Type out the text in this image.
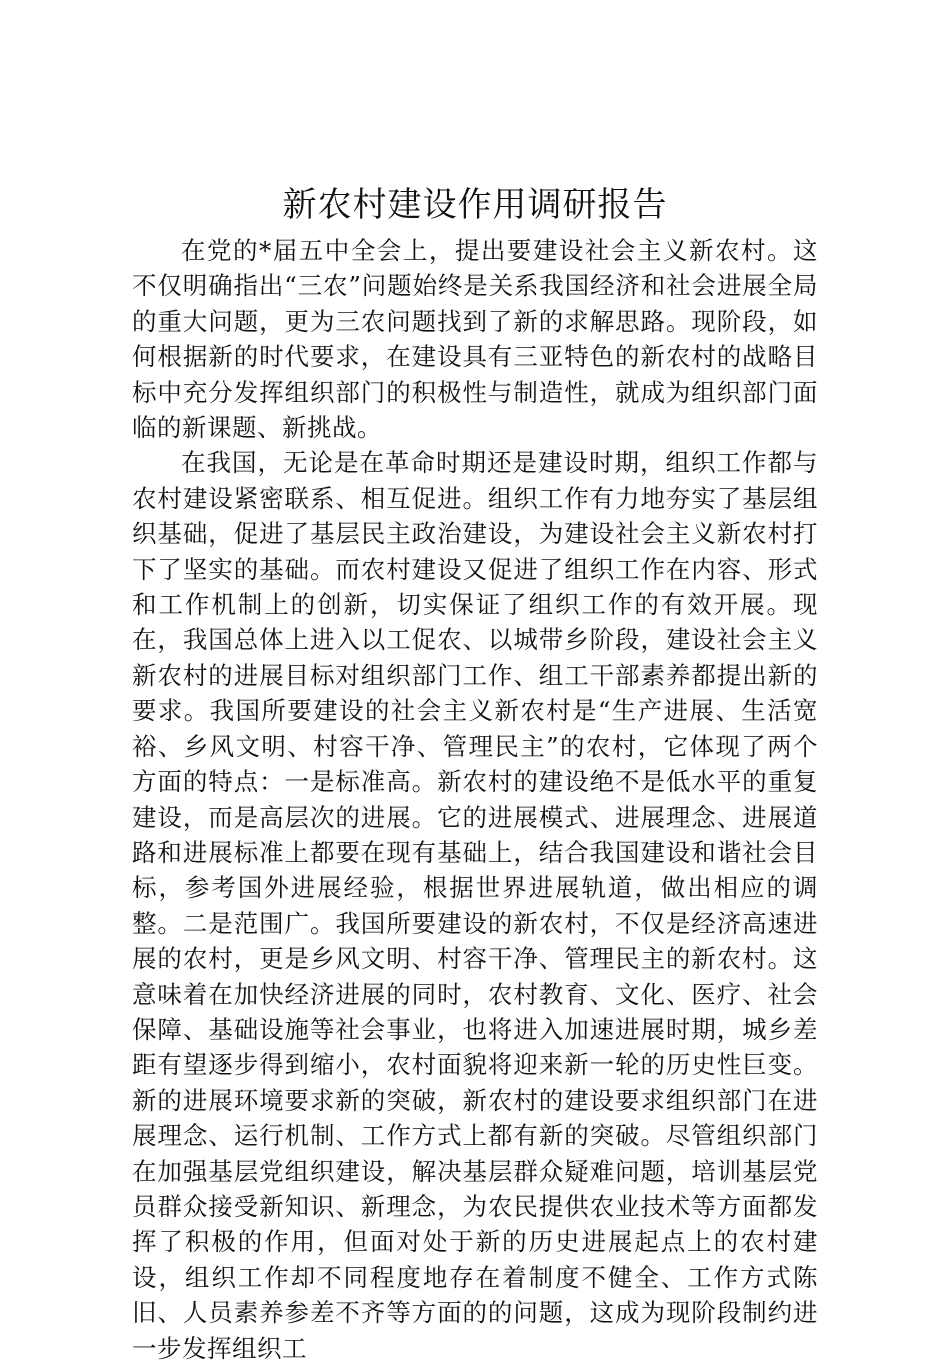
新农村建设作用调研报告

在党的*届五中全会上，提出要建设社会主义新农村。这不仅明确指出“三农”问题始终是关系我国经济和社会进展全局的重大问题，更为三农问题找到了新的求解思路。现阶段，如何根据新的时代要求，在建设具有三亚特色的新农村的战略目标中充分发挥组织部门的积极性与制造性，就成为组织部门面临的新课题、新挑战。

在我国，无论是在革命时期还是建设时期，组织工作都与农村建设紧密联系、相互促进。组织工作有力地夯实了基层组织基础，促进了基层民主政治建设，为建设社会主义新农村打下了坚实的基础。而农村建设又促进了组织工作在内容、形式和工作机制上的创新，切实保证了组织工作的有效开展。现在，我国总体上进入以工促农、以城带乡阶段，建设社会主义新农村的进展目标对组织部门工作、组工干部素养都提出新的要求。我国所要建设的社会主义新农村是“生产进展、生活宽裕、乡风文明、村容干净、管理民主”的农村，它体现了两个方面的特点：一是标准高。新农村的建设绝不是低水平的重复建设，而是高层次的进展。它的进展模式、进展理念、进展道路和进展标准上都要在现有基础上，结合我国建设和谐社会目标，参考国外进展经验，根据世界进展轨道，做出相应的调整。二是范围广。我国所要建设的新农村，不仅是经济高速进展的农村，更是乡风文明、村容干净、管理民主的新农村。这意味着在加快经济进展的同时，农村教育、文化、医疗、社会保障、基础设施等社会事业，也将进入加速进展时期，城乡差距有望逐步得到缩小，农村面貌将迎来新一轮的历史性巨变。新的进展环境要求新的突破，新农村的建设要求组织部门在进展理念、运行机制、工作方式上都有新的突破。尽管组织部门在加强基层党组织建设，解决基层群众疑难问题，培训基层党员群众接受新知识、新理念，为农民提供农业技术等方面都发挥了积极的作用，但面对处于新的历史进展起点上的农村建设，组织工作却不同程度地存在着制度不健全、工作方式陈旧、人员素养参差不齐等方面的的问题，这成为现阶段制约进一步发挥组织工
